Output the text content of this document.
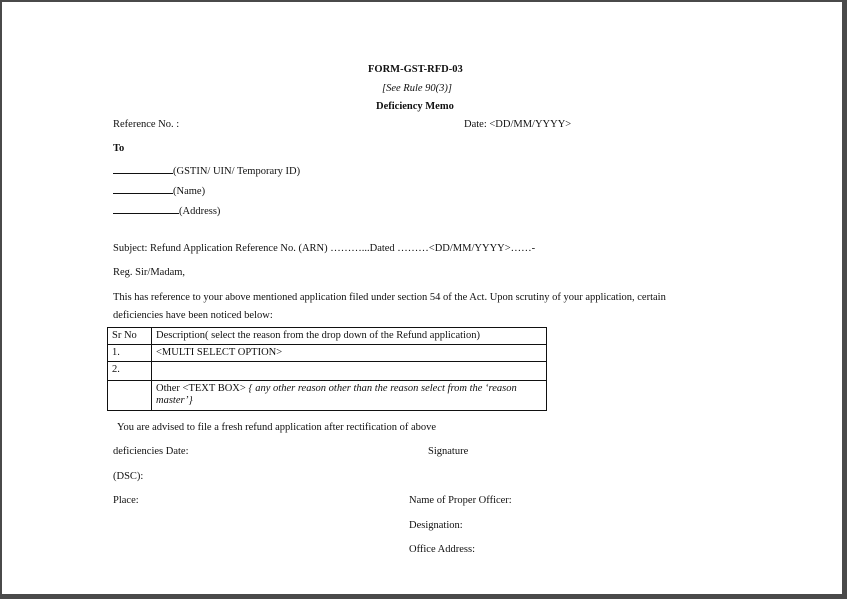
FORM-GST-RFD-03
[See Rule 90(3)]
Deficiency Memo
Reference No. :	Date: <DD/MM/YYYY>
To
(GSTIN/ UIN/ Temporary ID)
(Name)
(Address)
Subject: Refund Application Reference No. (ARN) ………...Dated ………<DD/MM/YYYY>……-
Reg. Sir/Madam,
This has reference to your above mentioned application filed under section 54 of the Act. Upon scrutiny of your application, certain
deficiencies have been noticed below:
Sr No	Description( select the reason from the drop down of the Refund application)
1.	<MULTI SELECT OPTION>
2.	
	Other <TEXT BOX> { any other reason other than the reason select from the ‘reason master’}
You are advised to file a fresh refund application after rectification of above
deficiencies Date:	Signature
(DSC):
Place:	Name of Proper Officer:
Designation:
Office Address:
